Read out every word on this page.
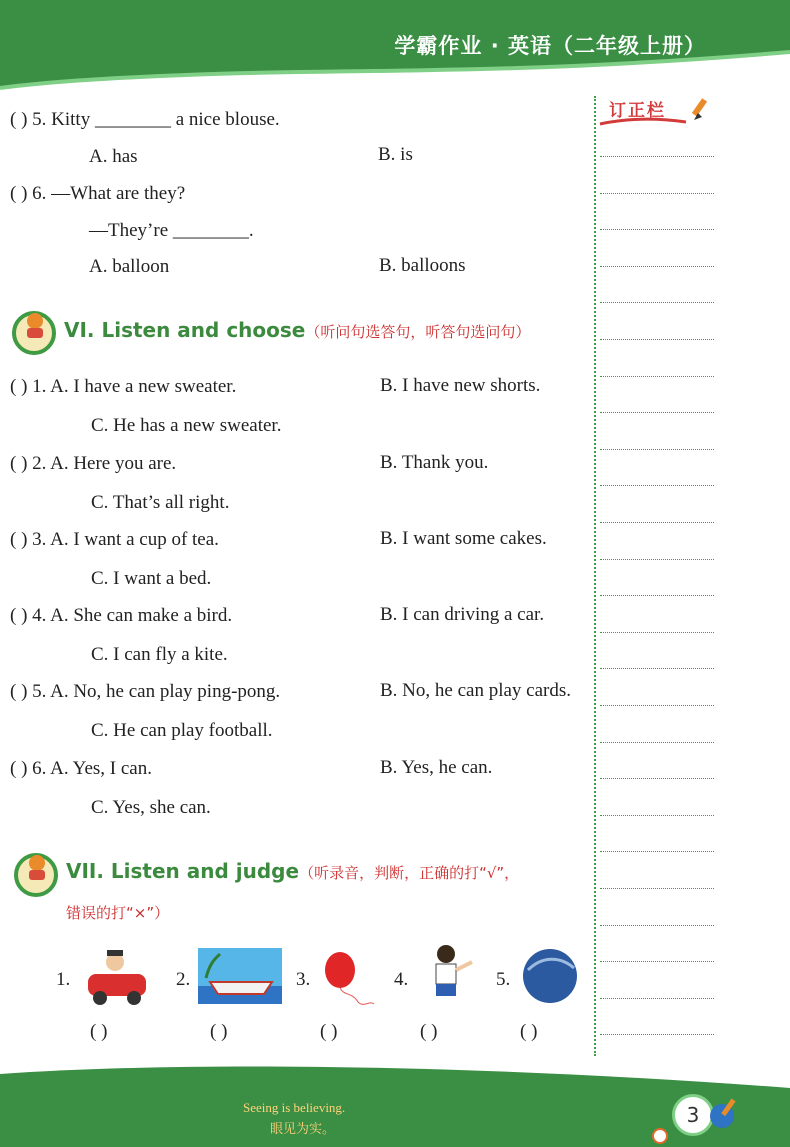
学霸作业 · 英语（二年级上册）
订正栏
( ) 5. Kitty ________ a nice blouse.
A. has	B. is
( ) 6. —What are they?
—They’re ________.
A. balloon	B. balloons
VI. Listen and choose（听问句选答句，听答句选问句）
( ) 1. A. I have a new sweater.	B. I have new shorts.
C. He has a new sweater.
( ) 2. A. Here you are.	B. Thank you.
C. That’s all right.
( ) 3. A. I want a cup of tea.	B. I want some cakes.
C. I want a bed.
( ) 4. A. She can make a bird.	B. I can driving a car.
C. I can fly a kite.
( ) 5. A. No, he can play ping-pong.	B. No, he can play cards.
C. He can play football.
( ) 6. A. Yes, I can.	B. Yes, he can.
C. Yes, she can.
VII. Listen and judge（听录音，判断，正确的打“√”，
错误的打“×”）
1.	2.	3.	4.	5.
( )	( )	( )	( )	( )
Seeing is believing.
眼见为实。
3
